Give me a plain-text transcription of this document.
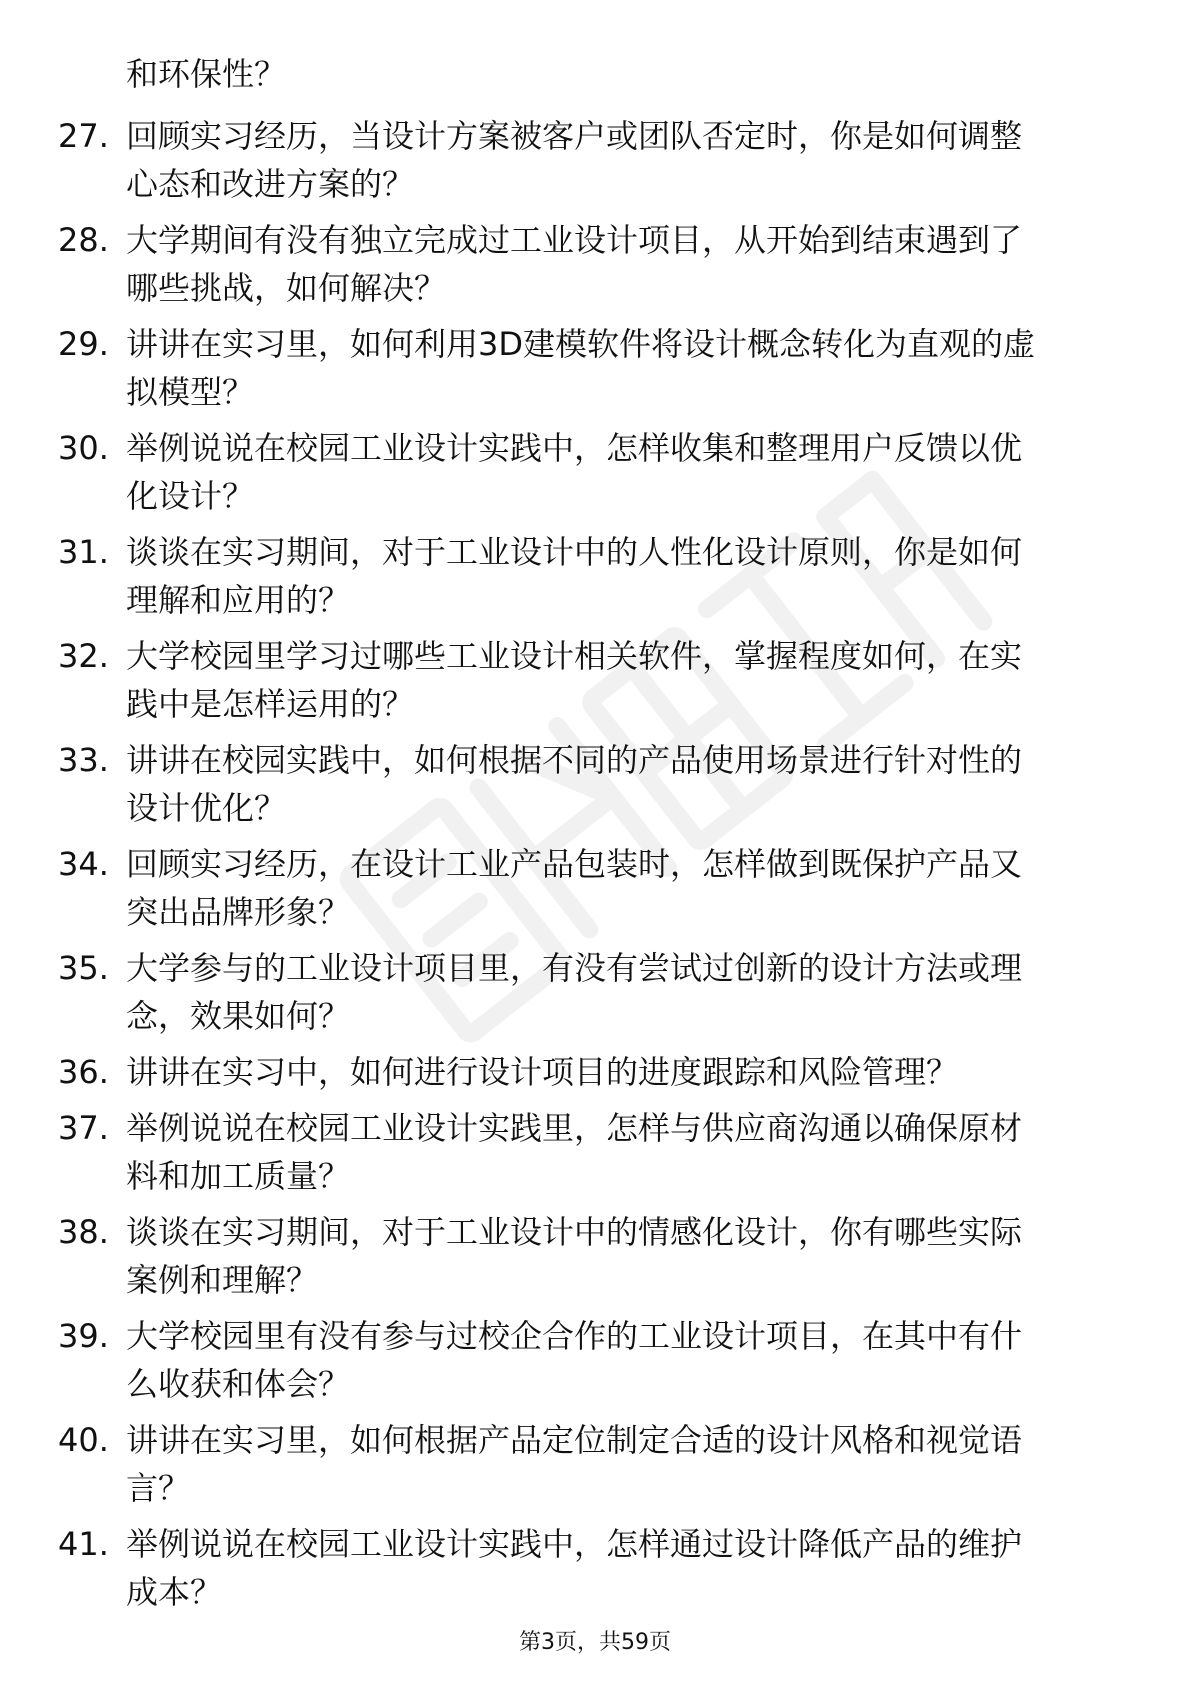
和环保性？
27. 回顾实习经历，当设计方案被客户或团队否定时，你是如何调整
心态和改进方案的？
28. 大学期间有没有独立完成过工业设计项目，从开始到结束遇到了
哪些挑战，如何解决？
29. 讲讲在实习里，如何利用3D建模软件将设计概念转化为直观的虚
拟模型？
30. 举例说说在校园工业设计实践中，怎样收集和整理用户反馈以优
化设计？
31. 谈谈在实习期间，对于工业设计中的人性化设计原则，你是如何
理解和应用的？
32. 大学校园里学习过哪些工业设计相关软件，掌握程度如何，在实
践中是怎样运用的？
33. 讲讲在校园实践中，如何根据不同的产品使用场景进行针对性的
设计优化？
34. 回顾实习经历，在设计工业产品包装时，怎样做到既保护产品又
突出品牌形象？
35. 大学参与的工业设计项目里，有没有尝试过创新的设计方法或理
念，效果如何？
36. 讲讲在实习中，如何进行设计项目的进度跟踪和风险管理？
37. 举例说说在校园工业设计实践里，怎样与供应商沟通以确保原材
料和加工质量？
38. 谈谈在实习期间，对于工业设计中的情感化设计，你有哪些实际
案例和理解？
39. 大学校园里有没有参与过校企合作的工业设计项目，在其中有什
么收获和体会？
40. 讲讲在实习里，如何根据产品定位制定合适的设计风格和视觉语
言？
41. 举例说说在校园工业设计实践中，怎样通过设计降低产品的维护
成本？
第3页，共59页
